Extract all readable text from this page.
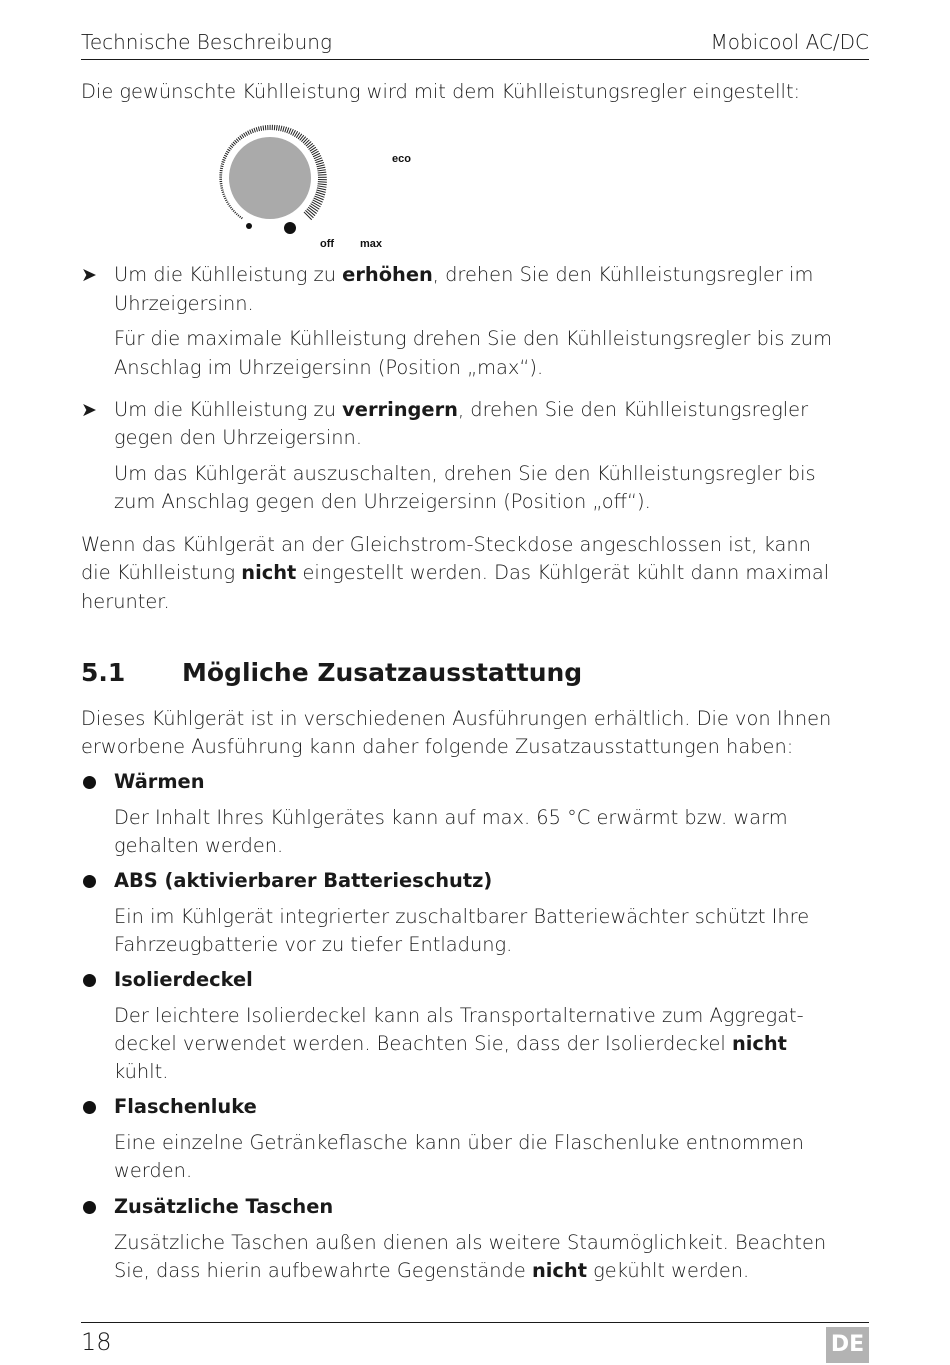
Technische Beschreibung	Mobicool AC/DC
Die gewünschte Kühlleistung wird mit dem Kühlleistungsregler eingestellt:
eco
off max
➤ Um die Kühlleistung zu erhöhen, drehen Sie den Kühlleistungsregler im
Uhrzeigersinn.
Für die maximale Kühlleistung drehen Sie den Kühlleistungsregler bis zum
Anschlag im Uhrzeigersinn (Position „max“).
➤ Um die Kühlleistung zu verringern, drehen Sie den Kühlleistungsregler
gegen den Uhrzeigersinn.
Um das Kühlgerät auszuschalten, drehen Sie den Kühlleistungsregler bis
zum Anschlag gegen den Uhrzeigersinn (Position „off“).
Wenn das Kühlgerät an der Gleichstrom-Steckdose angeschlossen ist, kann
die Kühlleistung nicht eingestellt werden. Das Kühlgerät kühlt dann maximal
herunter.
5.1 Mögliche Zusatzausstattung
Dieses Kühlgerät ist in verschiedenen Ausführungen erhältlich. Die von Ihnen
erworbene Ausführung kann daher folgende Zusatzausstattungen haben:
Wärmen
Der Inhalt Ihres Kühlgerätes kann auf max. 65 °C erwärmt bzw. warm
gehalten werden.
ABS (aktivierbarer Batterieschutz)
Ein im Kühlgerät integrierter zuschaltbarer Batteriewächter schützt Ihre
Fahrzeugbatterie vor zu tiefer Entladung.
Isolierdeckel
Der leichtere Isolierdeckel kann als Transportalternative zum Aggregat-
deckel verwendet werden. Beachten Sie, dass der Isolierdeckel nicht
kühlt.
Flaschenluke
Eine einzelne Getränkeflasche kann über die Flaschenluke entnommen
werden.
Zusätzliche Taschen
Zusätzliche Taschen außen dienen als weitere Staumöglichkeit. Beachten
Sie, dass hierin aufbewahrte Gegenstände nicht gekühlt werden.
18	DE
